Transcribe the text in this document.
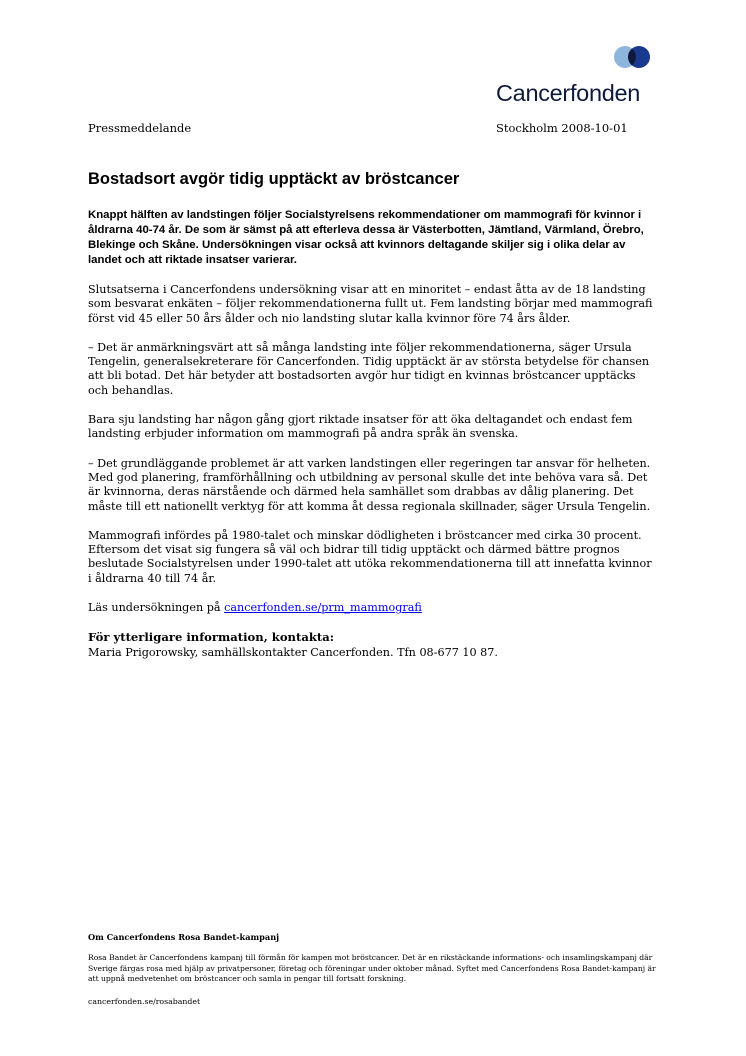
Cancerfonden
Pressmeddelande	Stockholm 2008-10-01
Bostadsort avgör tidig upptäckt av bröstcancer

Knappt hälften av landstingen följer Socialstyrelsens rekommendationer om mammografi för kvinnor i åldrarna 40-74 år. De som är sämst på att efterleva dessa är Västerbotten, Jämtland, Värmland, Örebro, Blekinge och Skåne. Undersökningen visar också att kvinnors deltagande skiljer sig i olika delar av landet och att riktade insatser varierar.

Slutsatserna i Cancerfondens undersökning visar att en minoritet – endast åtta av de 18 landsting som besvarat enkäten – följer rekommendationerna fullt ut. Fem landsting börjar med mammografi först vid 45 eller 50 års ålder och nio landsting slutar kalla kvinnor före 74 års ålder.

– Det är anmärkningsvärt att så många landsting inte följer rekommendationerna, säger Ursula Tengelin, generalsekreterare för Cancerfonden. Tidig upptäckt är av största betydelse för chansen att bli botad. Det här betyder att bostadsorten avgör hur tidigt en kvinnas bröstcancer upptäcks och behandlas.

Bara sju landsting har någon gång gjort riktade insatser för att öka deltagandet och endast fem landsting erbjuder information om mammografi på andra språk än svenska.

– Det grundläggande problemet är att varken landstingen eller regeringen tar ansvar för helheten. Med god planering, framförhållning och utbildning av personal skulle det inte behöva vara så. Det är kvinnorna, deras närstående och därmed hela samhället som drabbas av dålig planering. Det måste till ett nationellt verktyg för att komma åt dessa regionala skillnader, säger Ursula Tengelin.

Mammografi infördes på 1980-talet och minskar dödligheten i bröstcancer med cirka 30 procent. Eftersom det visat sig fungera så väl och bidrar till tidig upptäckt och därmed bättre prognos beslutade Socialstyrelsen under 1990-talet att utöka rekommendationerna till att innefatta kvinnor i åldrarna 40 till 74 år.

Läs undersökningen på cancerfonden.se/prm_mammografi

För ytterligare information, kontakta:
Maria Prigorowsky, samhällskontakter Cancerfonden. Tfn 08-677 10 87.

Om Cancerfondens Rosa Bandet-kampanj

Rosa Bandet är Cancerfondens kampanj till förmån för kampen mot bröstcancer. Det är en rikstäckande informations- och insamlingskampanj där Sverige färgas rosa med hjälp av privatpersoner, företag och föreningar under oktober månad. Syftet med Cancerfondens Rosa Bandet-kampanj är att uppnå medvetenhet om bröstcancer och samla in pengar till fortsatt forskning.

cancerfonden.se/rosabandet
